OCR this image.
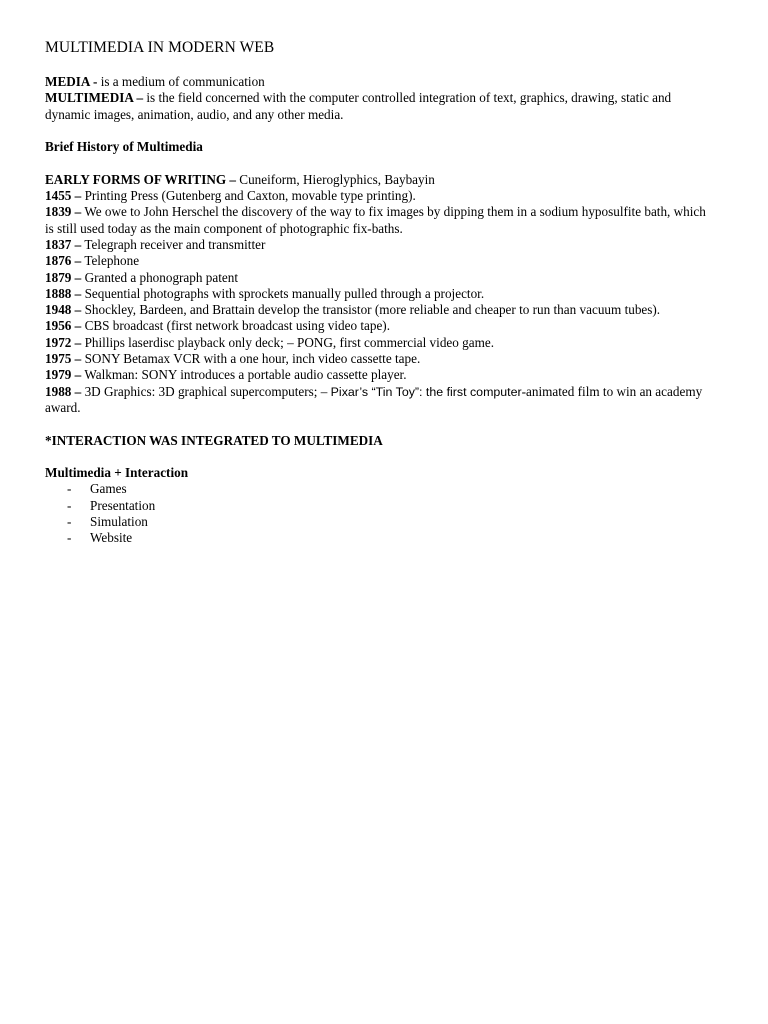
MULTIMEDIA IN MODERN WEB

MEDIA - is a medium of communication

MULTIMEDIA – is the field concerned with the computer controlled integration of text, graphics, drawing, static and dynamic images, animation, audio, and any other media.

Brief History of Multimedia

EARLY FORMS OF WRITING – Cuneiform, Hieroglyphics, Baybayin

1455 – Printing Press (Gutenberg and Caxton, movable type printing).

1839 – We owe to John Herschel the discovery of the way to fix images by dipping them in a sodium hyposulfite bath, which is still used today as the main component of photographic fix-baths.

1837 – Telegraph receiver and transmitter

1876 – Telephone

1879 – Granted a phonograph patent

1888 – Sequential photographs with sprockets manually pulled through a projector.

1948 – Shockley, Bardeen, and Brattain develop the transistor (more reliable and cheaper to run than vacuum tubes).

1956 – CBS broadcast (first network broadcast using video tape).

1972 – Phillips laserdisc playback only deck; – PONG, first commercial video game.

1975 – SONY Betamax VCR with a one hour, inch video cassette tape.

1979 – Walkman: SONY introduces a portable audio cassette player.

1988 – 3D Graphics: 3D graphical supercomputers; – Pixar’s “Tin Toy”: the first computer-animated film to win an academy award.

*INTERACTION WAS INTEGRATED TO MULTIMEDIA

Multimedia + Interaction

- Games
- Presentation
- Simulation
- Website
